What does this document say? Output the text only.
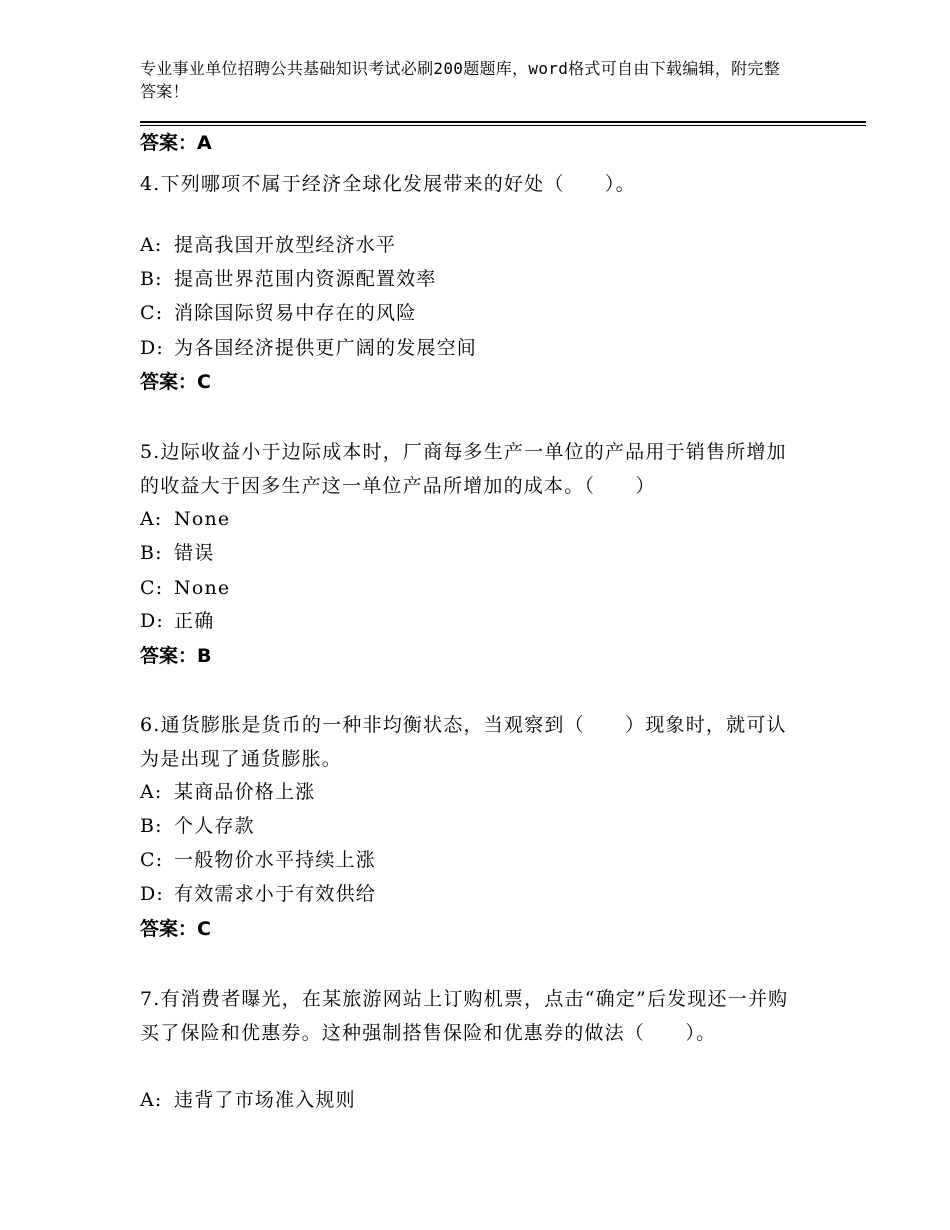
专业事业单位招聘公共基础知识考试必刷200题题库，word格式可自由下载编辑，附完整答案！
答案：A
4.下列哪项不属于经济全球化发展带来的好处（　　）。
A: 提高我国开放型经济水平
B: 提高世界范围内资源配置效率
C: 消除国际贸易中存在的风险
D: 为各国经济提供更广阔的发展空间
答案：C
5.边际收益小于边际成本时，厂商每多生产一单位的产品用于销售所增加的收益大于因多生产这一单位产品所增加的成本。（　　）
A: None
B: 错误
C: None
D: 正确
答案：B
6.通货膨胀是货币的一种非均衡状态，当观察到（　　）现象时，就可认为是出现了通货膨胀。
A: 某商品价格上涨
B: 个人存款
C: 一般物价水平持续上涨
D: 有效需求小于有效供给
答案：C
7.有消费者曝光，在某旅游网站上订购机票，点击“确定”后发现还一并购买了保险和优惠券。这种强制搭售保险和优惠券的做法（　　）。
A: 违背了市场准入规则
